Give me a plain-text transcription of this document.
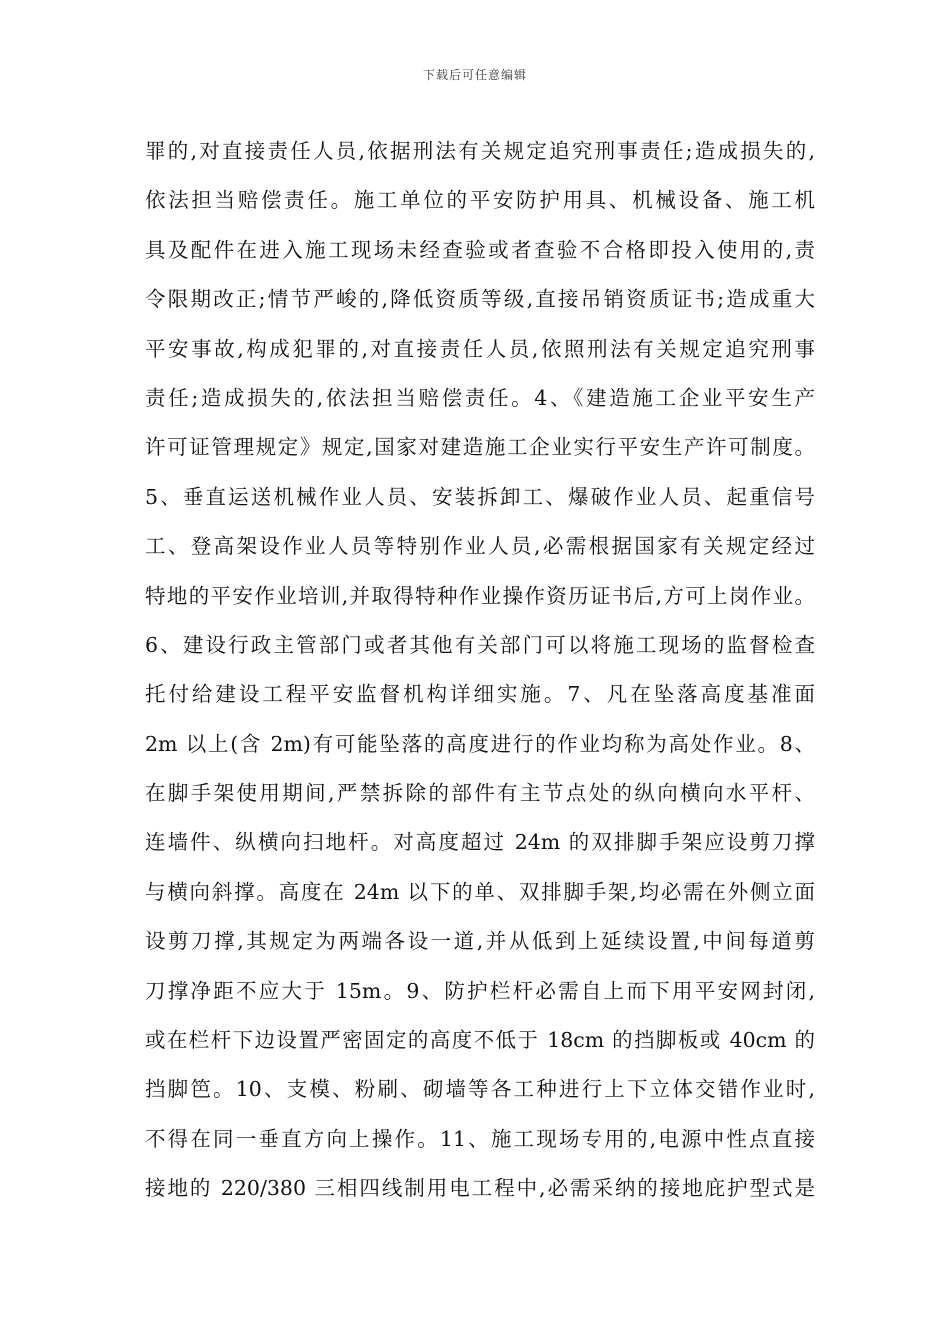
下载后可任意编辑
罪的,对直接责任人员,依据刑法有关规定追究刑事责任;造成损失的,
依法担当赔偿责任。施工单位的平安防护用具、机械设备、施工机
具及配件在进入施工现场未经查验或者查验不合格即投入使用的,责
令限期改正;情节严峻的,降低资质等级,直接吊销资质证书;造成重大
平安事故,构成犯罪的,对直接责任人员,依照刑法有关规定追究刑事
责任;造成损失的,依法担当赔偿责任。4、《建造施工企业平安生产
许可证管理规定》规定,国家对建造施工企业实行平安生产许可制度。
5、垂直运送机械作业人员、安装拆卸工、爆破作业人员、起重信号
工、登高架设作业人员等特别作业人员,必需根据国家有关规定经过
特地的平安作业培训,并取得特种作业操作资历证书后,方可上岗作业。
6、建设行政主管部门或者其他有关部门可以将施工现场的监督检查
托付给建设工程平安监督机构详细实施。7、凡在坠落高度基准面
2m 以上(含 2m)有可能坠落的高度进行的作业均称为高处作业。8、
在脚手架使用期间,严禁拆除的部件有主节点处的纵向横向水平杆、
连墙件、纵横向扫地杆。对高度超过 24m 的双排脚手架应设剪刀撑
与横向斜撑。高度在 24m 以下的单、双排脚手架,均必需在外侧立面
设剪刀撑,其规定为两端各设一道,并从低到上延续设置,中间每道剪
刀撑净距不应大于 15m。9、防护栏杆必需自上而下用平安网封闭,
或在栏杆下边设置严密固定的高度不低于 18cm 的挡脚板或 40cm 的
挡脚笆。10、支模、粉刷、砌墙等各工种进行上下立体交错作业时,
不得在同一垂直方向上操作。11、施工现场专用的,电源中性点直接
接地的 220/380 三相四线制用电工程中,必需采纳的接地庇护型式是
